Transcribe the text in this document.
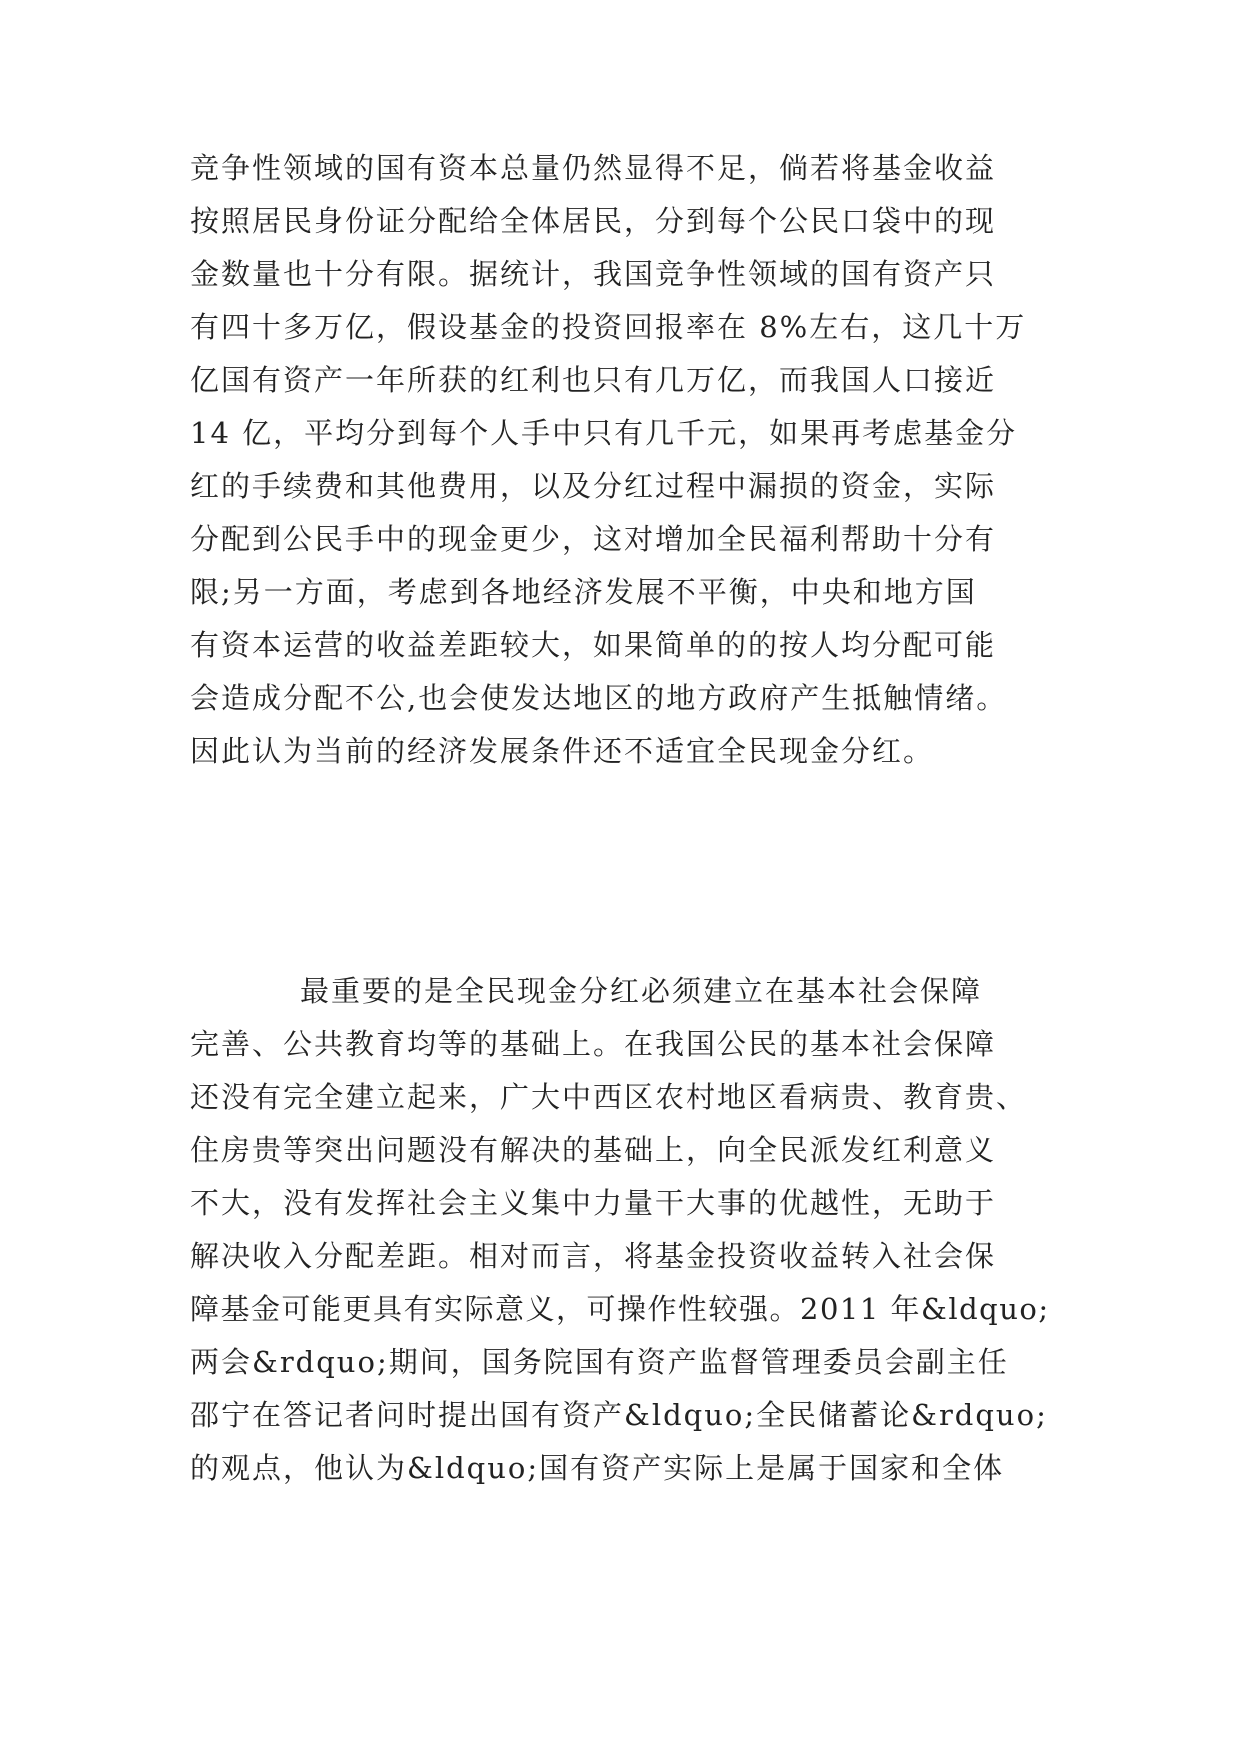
竞争性领域的国有资本总量仍然显得不足，倘若将基金收益

按照居民身份证分配给全体居民，分到每个公民口袋中的现

金数量也十分有限。据统计，我国竞争性领域的国有资产只

有四十多万亿，假设基金的投资回报率在 8%左右，这几十万

亿国有资产一年所获的红利也只有几万亿，而我国人口接近

14 亿，平均分到每个人手中只有几千元，如果再考虑基金分

红的手续费和其他费用，以及分红过程中漏损的资金，实际

分配到公民手中的现金更少，这对增加全民福利帮助十分有

限;另一方面，考虑到各地经济发展不平衡，中央和地方国

有资本运营的收益差距较大，如果简单的的按人均分配可能

会造成分配不公,也会使发达地区的地方政府产生抵触情绪。

因此认为当前的经济发展条件还不适宜全民现金分红。

最重要的是全民现金分红必须建立在基本社会保障

完善、公共教育均等的基础上。在我国公民的基本社会保障

还没有完全建立起来，广大中西区农村地区看病贵、教育贵、

住房贵等突出问题没有解决的基础上，向全民派发红利意义

不大，没有发挥社会主义集中力量干大事的优越性，无助于

解决收入分配差距。相对而言，将基金投资收益转入社会保

障基金可能更具有实际意义，可操作性较强。2011 年&ldquo;

两会&rdquo;期间，国务院国有资产监督管理委员会副主任

邵宁在答记者问时提出国有资产&ldquo;全民储蓄论&rdquo;

的观点，他认为&ldquo;国有资产实际上是属于国家和全体
